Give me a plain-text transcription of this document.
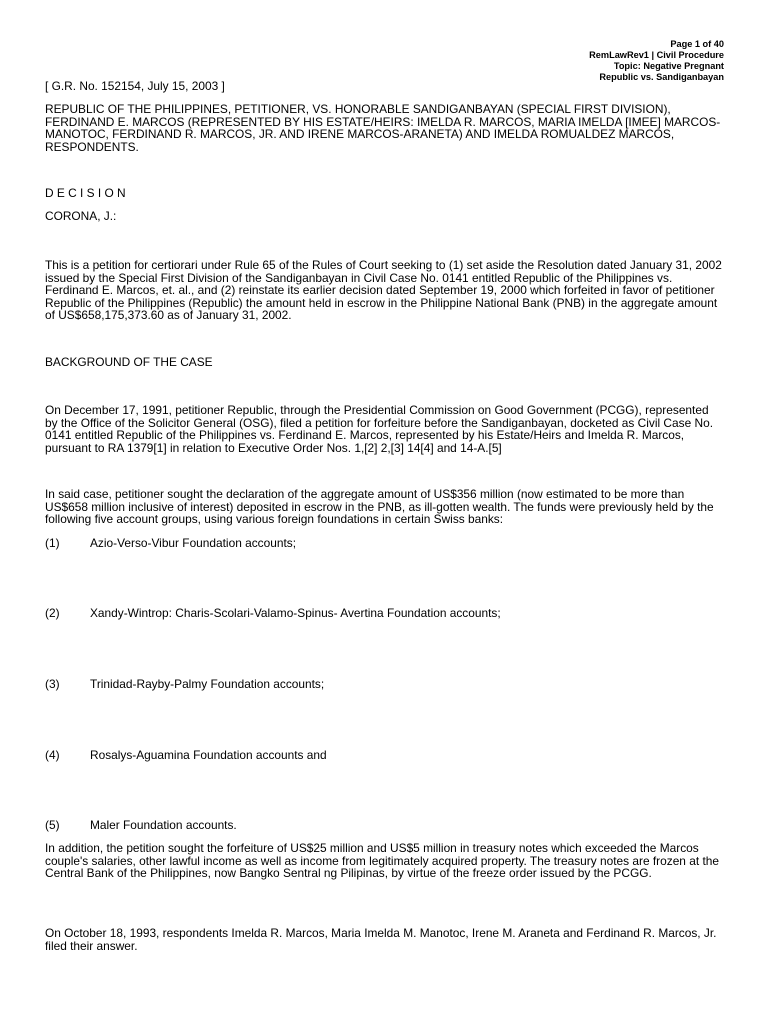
Page 1 of 40
RemLawRev1 | Civil Procedure
Topic: Negative Pregnant
Republic vs. Sandiganbayan

[ G.R. No. 152154, July 15, 2003 ]

REPUBLIC OF THE PHILIPPINES, PETITIONER, VS. HONORABLE SANDIGANBAYAN (SPECIAL FIRST DIVISION), FERDINAND E. MARCOS (REPRESENTED BY HIS ESTATE/HEIRS: IMELDA R. MARCOS, MARIA IMELDA [IMEE] MARCOS-MANOTOC, FERDINAND R. MARCOS, JR. AND IRENE MARCOS-ARANETA) AND IMELDA ROMUALDEZ MARCOS, RESPONDENTS.

D E C I S I O N

CORONA, J.:

This is a petition for certiorari under Rule 65 of the Rules of Court seeking to (1) set aside the Resolution dated January 31, 2002 issued by the Special First Division of the Sandiganbayan in Civil Case No. 0141 entitled Republic of the Philippines vs. Ferdinand E. Marcos, et. al., and (2) reinstate its earlier decision dated September 19, 2000 which forfeited in favor of petitioner Republic of the Philippines (Republic) the amount held in escrow in the Philippine National Bank (PNB) in the aggregate amount of US$658,175,373.60 as of January 31, 2002.

BACKGROUND OF THE CASE

On December 17, 1991, petitioner Republic, through the Presidential Commission on Good Government (PCGG), represented by the Office of the Solicitor General (OSG), filed a petition for forfeiture before the Sandiganbayan, docketed as Civil Case No. 0141 entitled Republic of the Philippines vs. Ferdinand E. Marcos, represented by his Estate/Heirs and Imelda R. Marcos, pursuant to RA 1379[1] in relation to Executive Order Nos. 1,[2] 2,[3] 14[4] and 14-A.[5]

In said case, petitioner sought the declaration of the aggregate amount of US$356 million (now estimated to be more than US$658 million inclusive of interest) deposited in escrow in the PNB, as ill-gotten wealth. The funds were previously held by the following five account groups, using various foreign foundations in certain Swiss banks:

(1)	Azio-Verso-Vibur Foundation accounts;
(2)	Xandy-Wintrop: Charis-Scolari-Valamo-Spinus- Avertina Foundation accounts;
(3)	Trinidad-Rayby-Palmy Foundation accounts;
(4)	Rosalys-Aguamina Foundation accounts and
(5)	Maler Foundation accounts.

In addition, the petition sought the forfeiture of US$25 million and US$5 million in treasury notes which exceeded the Marcos couple's salaries, other lawful income as well as income from legitimately acquired property. The treasury notes are frozen at the Central Bank of the Philippines, now Bangko Sentral ng Pilipinas, by virtue of the freeze order issued by the PCGG.

On October 18, 1993, respondents Imelda R. Marcos, Maria Imelda M. Manotoc, Irene M. Araneta and Ferdinand R. Marcos, Jr. filed their answer.
